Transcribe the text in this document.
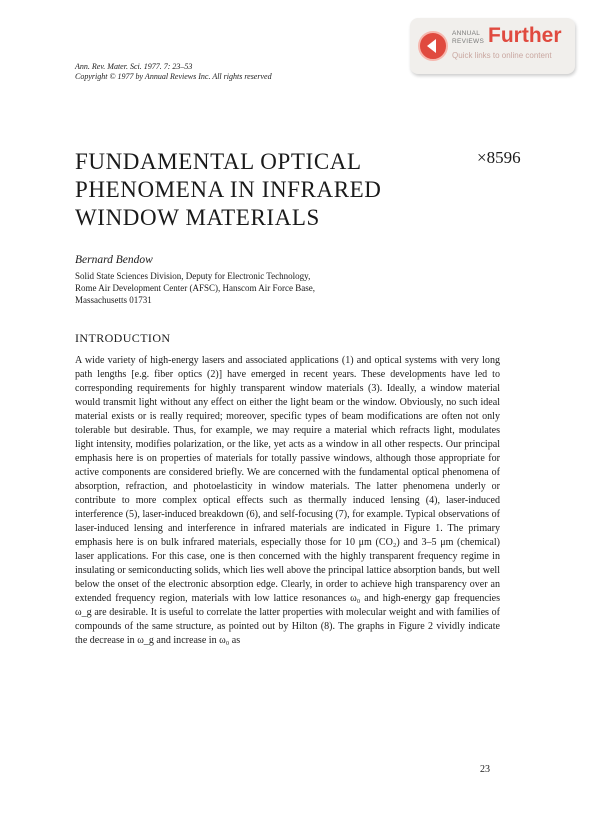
Ann. Rev. Mater. Sci. 1977. 7: 23–53
Copyright © 1977 by Annual Reviews Inc. All rights reserved
ANNUAL
REVIEWS Further
Quick links to online content
FUNDAMENTAL OPTICAL
PHENOMENA IN INFRARED
WINDOW MATERIALS
×8596
Bernard Bendow
Solid State Sciences Division, Deputy for Electronic Technology,
Rome Air Development Center (AFSC), Hanscom Air Force Base,
Massachusetts 01731
INTRODUCTION

A wide variety of high-energy lasers and associated applications (1) and optical systems with very long path lengths [e.g. fiber optics (2)] have emerged in recent years. These developments have led to corresponding requirements for highly transparent window materials (3). Ideally, a window material would transmit light without any effect on either the light beam or the window. Obviously, no such ideal material exists or is really required; moreover, specific types of beam modifications are often not only tolerable but desirable. Thus, for example, we may require a material which refracts light, modulates light intensity, modifies polarization, or the like, yet acts as a window in all other respects. Our principal emphasis here is on properties of materials for totally passive windows, although those appropriate for active components are considered briefly. We are concerned with the fundamental optical phenomena of absorption, refraction, and photoelasticity in window materials. The latter phenomena underly or contribute to more complex optical effects such as thermally induced lensing (4), laser-induced interference (5), laser-induced breakdown (6), and self-focusing (7), for example. Typical observations of laser-induced lensing and interference in infrared materials are indicated in Figure 1. The primary emphasis here is on bulk infrared materials, especially those for 10 μm (CO₂) and 3–5 μm (chemical) laser applications. For this case, one is then concerned with the highly transparent frequency regime in insulating or semiconducting solids, which lies well above the principal lattice absorption bands, but well below the onset of the electronic absorption edge. Clearly, in order to achieve high transparency over an extended frequency region, materials with low lattice resonances ω₀ and high-energy gap frequencies ω_g are desirable. It is useful to correlate the latter properties with molecular weight and with families of compounds of the same structure, as pointed out by Hilton (8). The graphs in Figure 2 vividly indicate the decrease in ω_g and increase in ω₀ as

23
